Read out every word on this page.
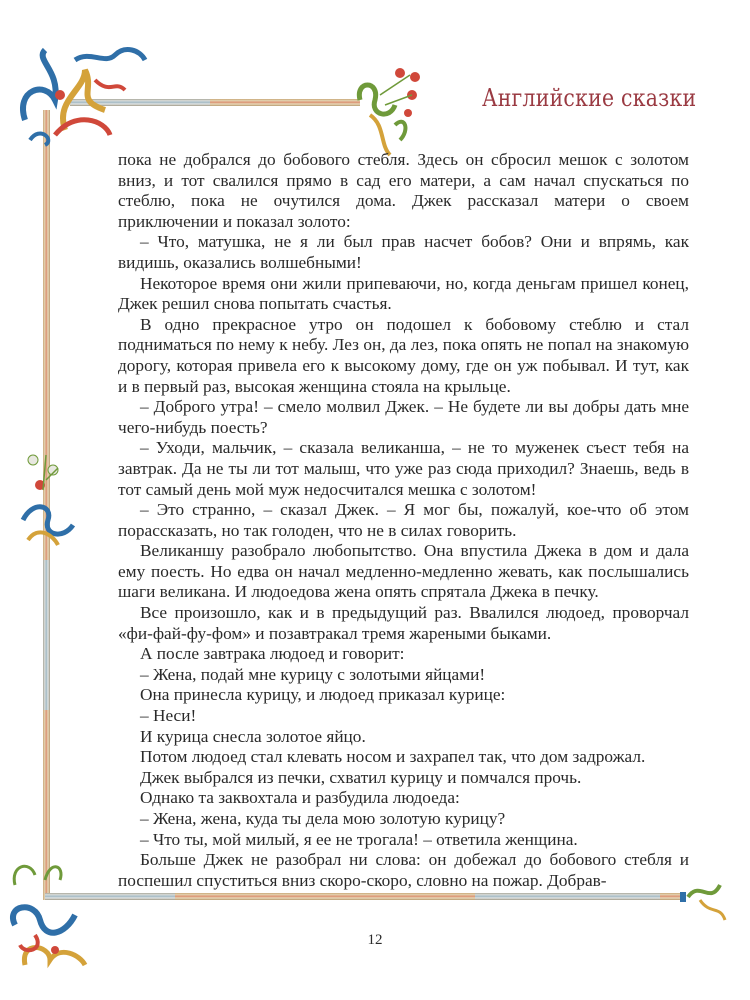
Английские сказки

пока не добрался до бобового стебля. Здесь он сбросил мешок с золотом вниз, и тот свалился прямо в сад его матери, а сам начал спускаться по стеблю, пока не очутился дома. Джек рассказал матери о своем приключении и показал золото:

– Что, матушка, не я ли был прав насчет бобов? Они и впрямь, как видишь, оказались волшебными!

Некоторое время они жили припеваючи, но, когда деньгам пришел конец, Джек решил снова попытать счастья.

В одно прекрасное утро он подошел к бобовому стеблю и стал подниматься по нему к небу. Лез он, да лез, пока опять не попал на знакомую дорогу, которая привела его к высокому дому, где он уж побывал. И тут, как и в первый раз, высокая женщина стояла на крыльце.

– Доброго утра! – смело молвил Джек. – Не будете ли вы добры дать мне чего-нибудь поесть?

– Уходи, мальчик, – сказала великанша, – не то муженек съест тебя на завтрак. Да не ты ли тот малыш, что уже раз сюда приходил? Знаешь, ведь в тот самый день мой муж недосчитался мешка с золотом!

– Это странно, – сказал Джек. – Я мог бы, пожалуй, кое-что об этом порассказать, но так голоден, что не в силах говорить.

Великаншу разобрало любопытство. Она впустила Джека в дом и дала ему поесть. Но едва он начал медленно-медленно жевать, как послышались шаги великана. И людоедова жена опять спрятала Джека в печку.

Все произошло, как и в предыдущий раз. Ввалился людоед, проворчал «фи-фай-фу-фом» и позавтракал тремя жареными быками.

А после завтрака людоед и говорит:

– Жена, подай мне курицу с золотыми яйцами!

Она принесла курицу, и людоед приказал курице:

– Неси!

И курица снесла золотое яйцо.

Потом людоед стал клевать носом и захрапел так, что дом задрожал.

Джек выбрался из печки, схватил курицу и помчался прочь.

Однако та заквохтала и разбудила людоеда:

– Жена, жена, куда ты дела мою золотую курицу?

– Что ты, мой милый, я ее не трогала! – ответила женщина.

Больше Джек не разобрал ни слова: он добежал до бобового стебля и поспешил спуститься вниз скоро-скоро, словно на пожар. Добрав-

12
